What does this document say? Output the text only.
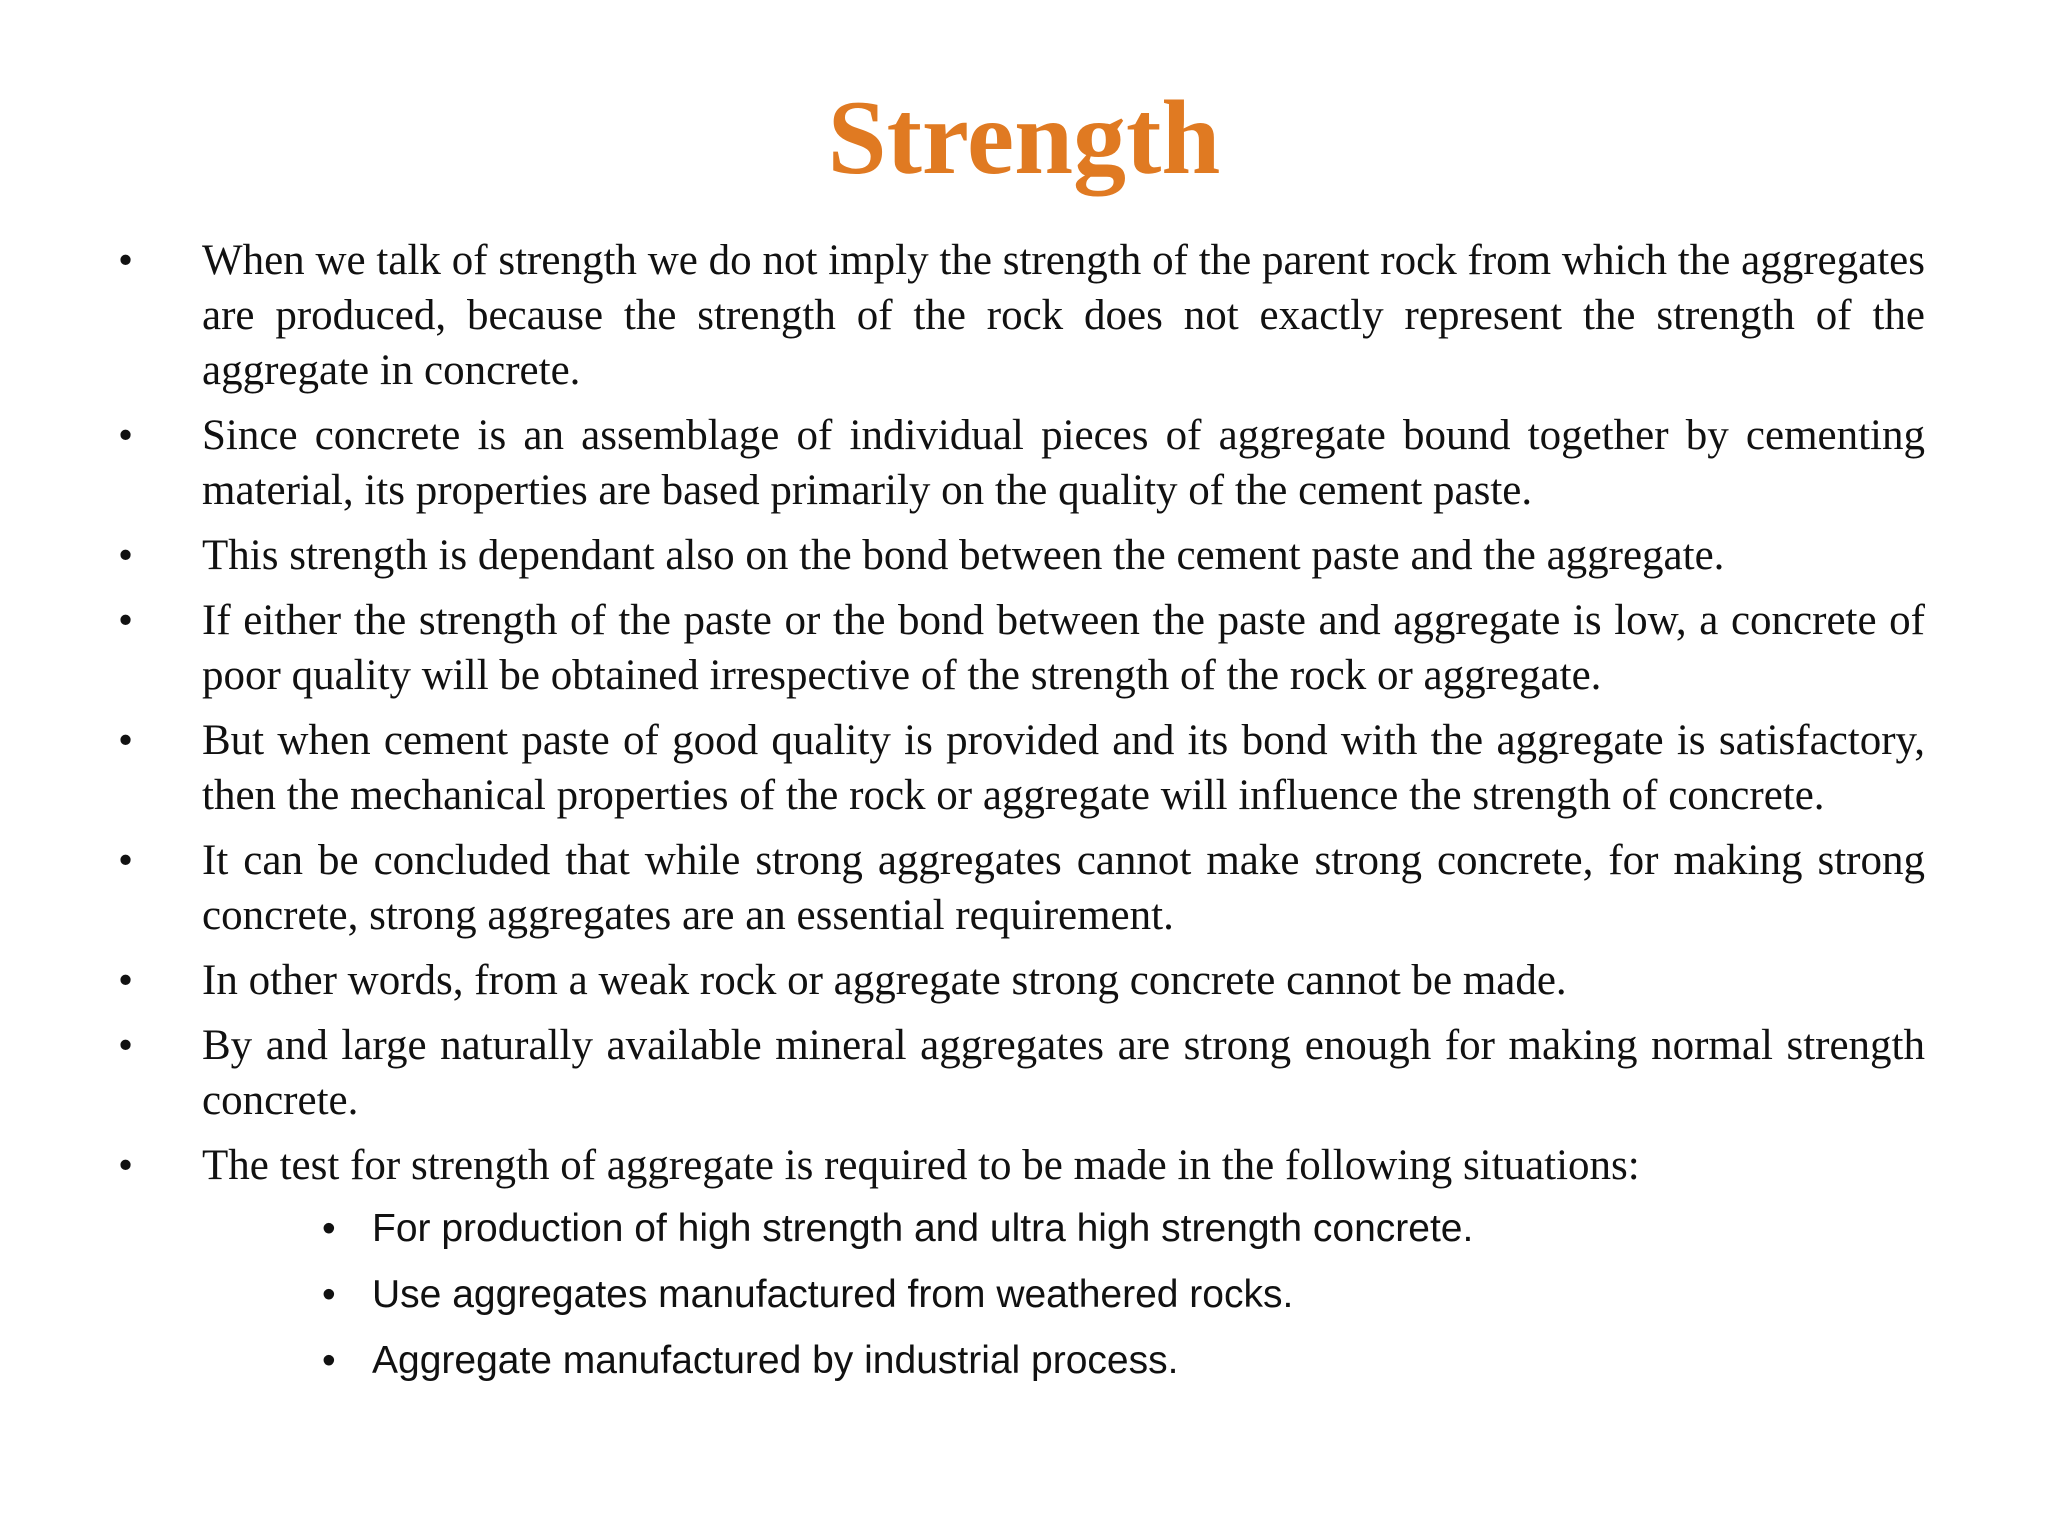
Strength
• When we talk of strength we do not imply the strength of the parent rock from which the aggregates are produced, because the strength of the rock does not exactly represent the strength of the aggregate in concrete.
• Since concrete is an assemblage of individual pieces of aggregate bound together by cementing material, its properties are based primarily on the quality of the cement paste.
• This strength is dependant also on the bond between the cement paste and the aggregate.
• If either the strength of the paste or the bond between the paste and aggregate is low, a concrete of poor quality will be obtained irrespective of the strength of the rock or aggregate.
• But when cement paste of good quality is provided and its bond with the aggregate is satisfactory, then the mechanical properties of the rock or aggregate will influence the strength of concrete.
• It can be concluded that while strong aggregates cannot make strong concrete, for making strong concrete, strong aggregates are an essential requirement.
• In other words, from a weak rock or aggregate strong concrete cannot be made.
• By and large naturally available mineral aggregates are strong enough for making normal strength concrete.
• The test for strength of aggregate is required to be made in the following situations:
• For production of high strength and ultra high strength concrete.
• Use aggregates manufactured from weathered rocks.
• Aggregate manufactured by industrial process.
